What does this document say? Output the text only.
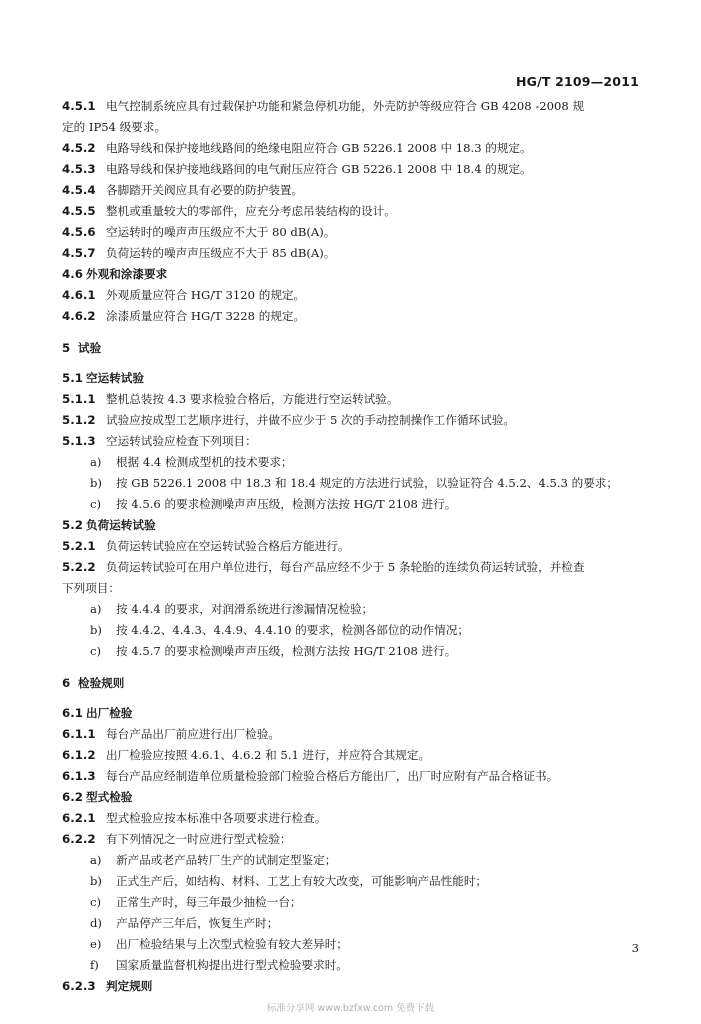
HG/T 2109—2011
4.5.1 电气控制系统应具有过载保护功能和紧急停机功能，外壳防护等级应符合 GB 4208 -2008 规
定的 IP54 级要求。
4.5.2 电路导线和保护接地线路间的绝缘电阻应符合 GB 5226.1 2008 中 18.3 的规定。
4.5.3 电路导线和保护接地线路间的电气耐压应符合 GB 5226.1 2008 中 18.4 的规定。
4.5.4 各脚踏开关阀应具有必要的防护装置。
4.5.5 整机或重量较大的零部件，应充分考虑吊装结构的设计。
4.5.6 空运转时的噪声声压级应不大于 80 dB(A)。
4.5.7 负荷运转的噪声声压级应不大于 85 dB(A)。
4.6 外观和涂漆要求
4.6.1 外观质量应符合 HG/T 3120 的规定。
4.6.2 涂漆质量应符合 HG/T 3228 的规定。
5 试验
5.1 空运转试验
5.1.1 整机总装按 4.3 要求检验合格后，方能进行空运转试验。
5.1.2 试验应按成型工艺顺序进行，并做不应少于 5 次的手动控制操作工作循环试验。
5.1.3 空运转试验应检查下列项目：
a) 根据 4.4 检测成型机的技术要求；
b) 按 GB 5226.1 2008 中 18.3 和 18.4 规定的方法进行试验，以验证符合 4.5.2、4.5.3 的要求；
c) 按 4.5.6 的要求检测噪声声压级，检测方法按 HG/T 2108 进行。
5.2 负荷运转试验
5.2.1 负荷运转试验应在空运转试验合格后方能进行。
5.2.2 负荷运转试验可在用户单位进行，每台产品应经不少于 5 条轮胎的连续负荷运转试验，并检查
下列项目：
a) 按 4.4.4 的要求，对润滑系统进行渗漏情况检验；
b) 按 4.4.2、4.4.3、4.4.9、4.4.10 的要求，检测各部位的动作情况；
c) 按 4.5.7 的要求检测噪声声压级，检测方法按 HG/T 2108 进行。
6 检验规则
6.1 出厂检验
6.1.1 每台产品出厂前应进行出厂检验。
6.1.2 出厂检验应按照 4.6.1、4.6.2 和 5.1 进行，并应符合其规定。
6.1.3 每台产品应经制造单位质量检验部门检验合格后方能出厂，出厂时应附有产品合格证书。
6.2 型式检验
6.2.1 型式检验应按本标准中各项要求进行检查。
6.2.2 有下列情况之一时应进行型式检验：
a) 新产品或老产品转厂生产的试制定型鉴定；
b) 正式生产后，如结构、材料、工艺上有较大改变，可能影响产品性能时；
c) 正常生产时，每三年最少抽检一台；
d) 产品停产三年后，恢复生产时；
e) 出厂检验结果与上次型式检验有较大差异时；
f) 国家质量监督机构提出进行型式检验要求时。
6.2.3 判定规则
3
标准分享网 www.bzfxw.com 免费下载
